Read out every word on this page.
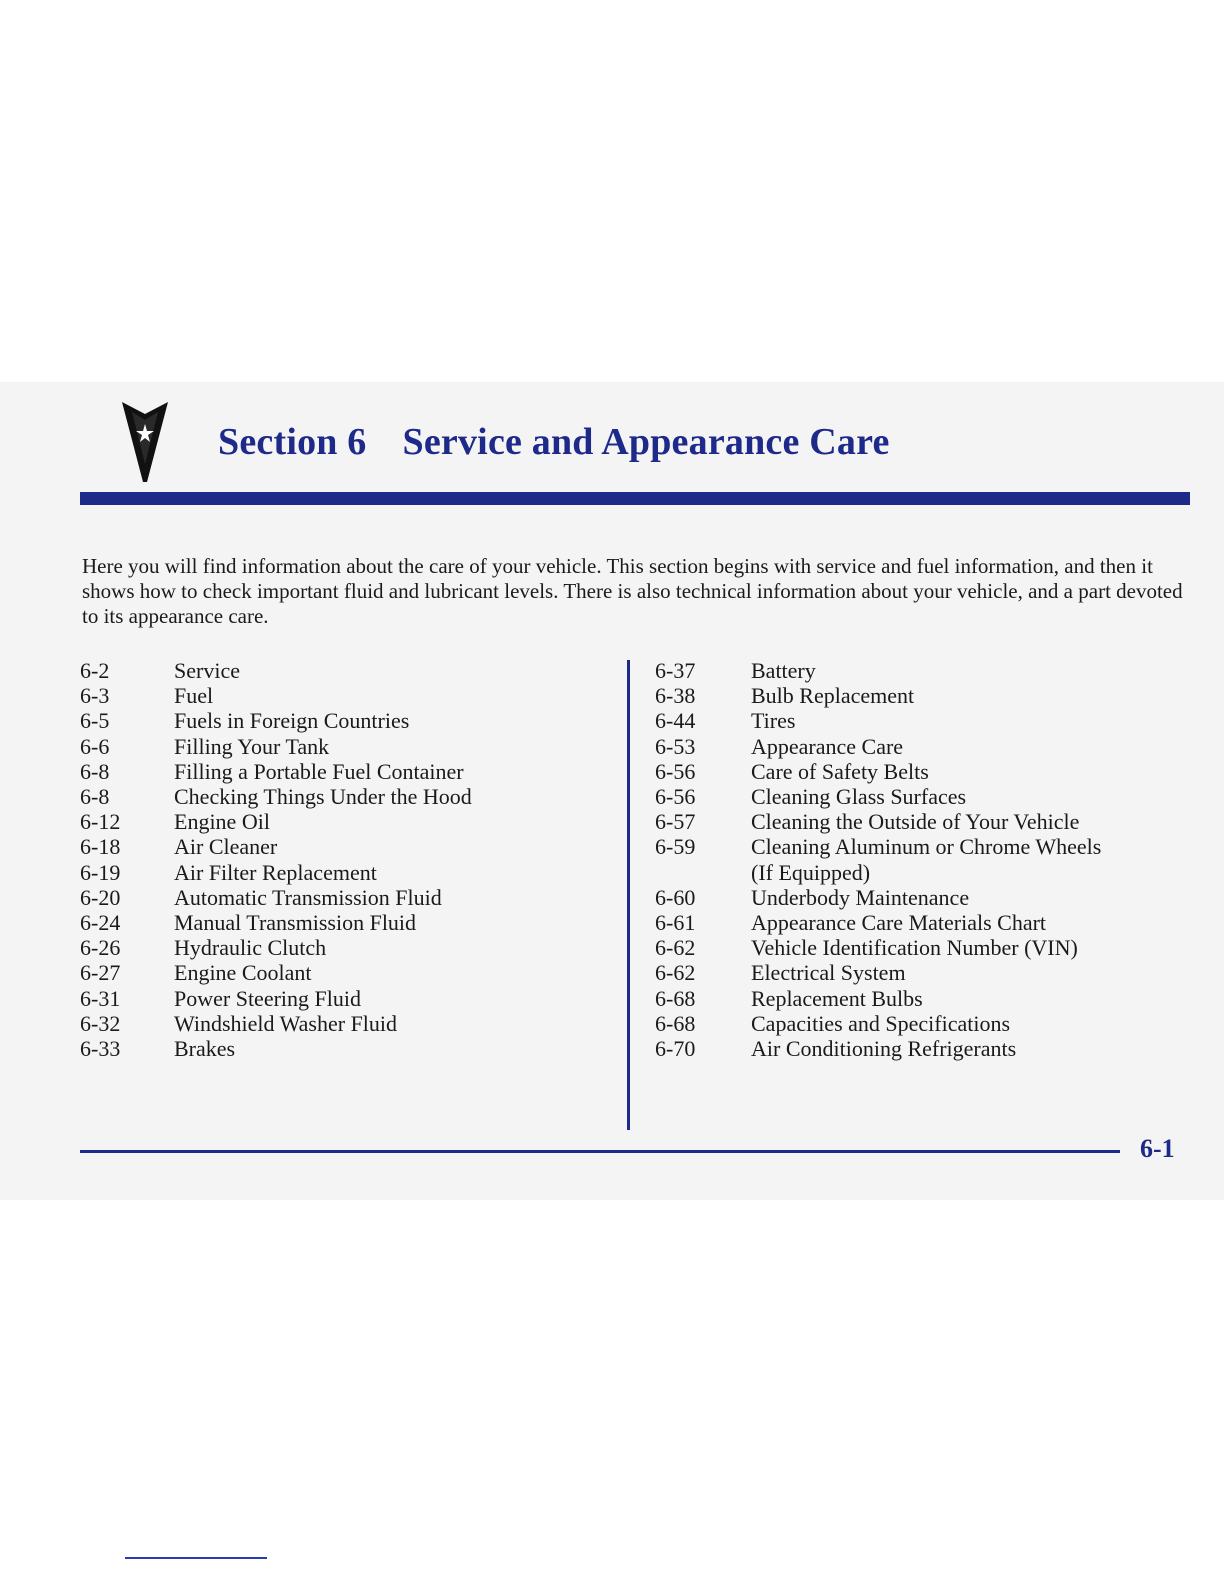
Section 6 Service and Appearance Care

Here you will find information about the care of your vehicle. This section begins with service and fuel information, and then it shows how to check important fluid and lubricant levels. There is also technical information about your vehicle, and a part devoted to its appearance care.

6-2	Service
6-3	Fuel
6-5	Fuels in Foreign Countries
6-6	Filling Your Tank
6-8	Filling a Portable Fuel Container
6-8	Checking Things Under the Hood
6-12	Engine Oil
6-18	Air Cleaner
6-19	Air Filter Replacement
6-20	Automatic Transmission Fluid
6-24	Manual Transmission Fluid
6-26	Hydraulic Clutch
6-27	Engine Coolant
6-31	Power Steering Fluid
6-32	Windshield Washer Fluid
6-33	Brakes
6-37	Battery
6-38	Bulb Replacement
6-44	Tires
6-53	Appearance Care
6-56	Care of Safety Belts
6-56	Cleaning Glass Surfaces
6-57	Cleaning the Outside of Your Vehicle
6-59	Cleaning Aluminum or Chrome Wheels
(If Equipped)
6-60	Underbody Maintenance
6-61	Appearance Care Materials Chart
6-62	Vehicle Identification Number (VIN)
6-62	Electrical System
6-68	Replacement Bulbs
6-68	Capacities and Specifications
6-70	Air Conditioning Refrigerants

6-1
